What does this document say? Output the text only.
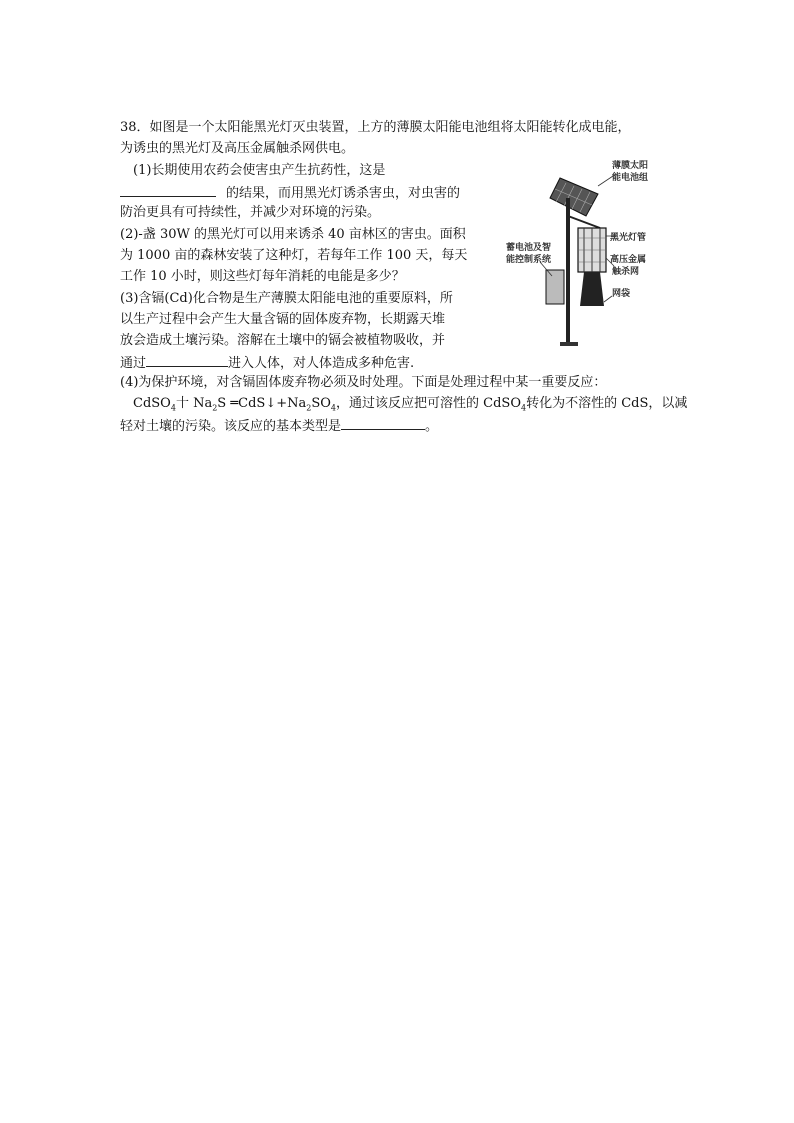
38．如图是一个太阳能黑光灯灭虫装置，上方的薄膜太阳能电池组将太阳能转化成电能，
为诱虫的黑光灯及高压金属触杀网供电。
(1)长期使用农药会使害虫产生抗药性，这是
的结果，而用黑光灯诱杀害虫，对虫害的
防治更具有可持续性，并减少对环境的污染。
(2)-盏 30W 的黑光灯可以用来诱杀 40 亩林区的害虫。面积
为 1000 亩的森林安装了这种灯，若每年工作 100 天，每天
工作 10 小时，则这些灯每年消耗的电能是多少？
(3)含镉(Cd)化合物是生产薄膜太阳能电池的重要原料，所
以生产过程中会产生大量含镉的固体废弃物，长期露天堆
放会造成土壤污染。溶解在土壤中的镉会被植物吸收，并
通过	进入人体，对人体造成多种危害.
(4)为保护环境，对含镉固体废弃物必须及时处理。下面是处理过程中某一重要反应：
CdSO$_4$十 $Na_2S$ $═CdS↓+Na_2SO_4$，通过该反应把可溶性的 CdSO$_4$转化为不溶性的 CdS，以减
轻对土壤的污染。该反应的基本类型是	。
薄膜太阳
能电池组
黑光灯管
高压金属
触杀网
网袋
蓄电池及智
能控制系统
